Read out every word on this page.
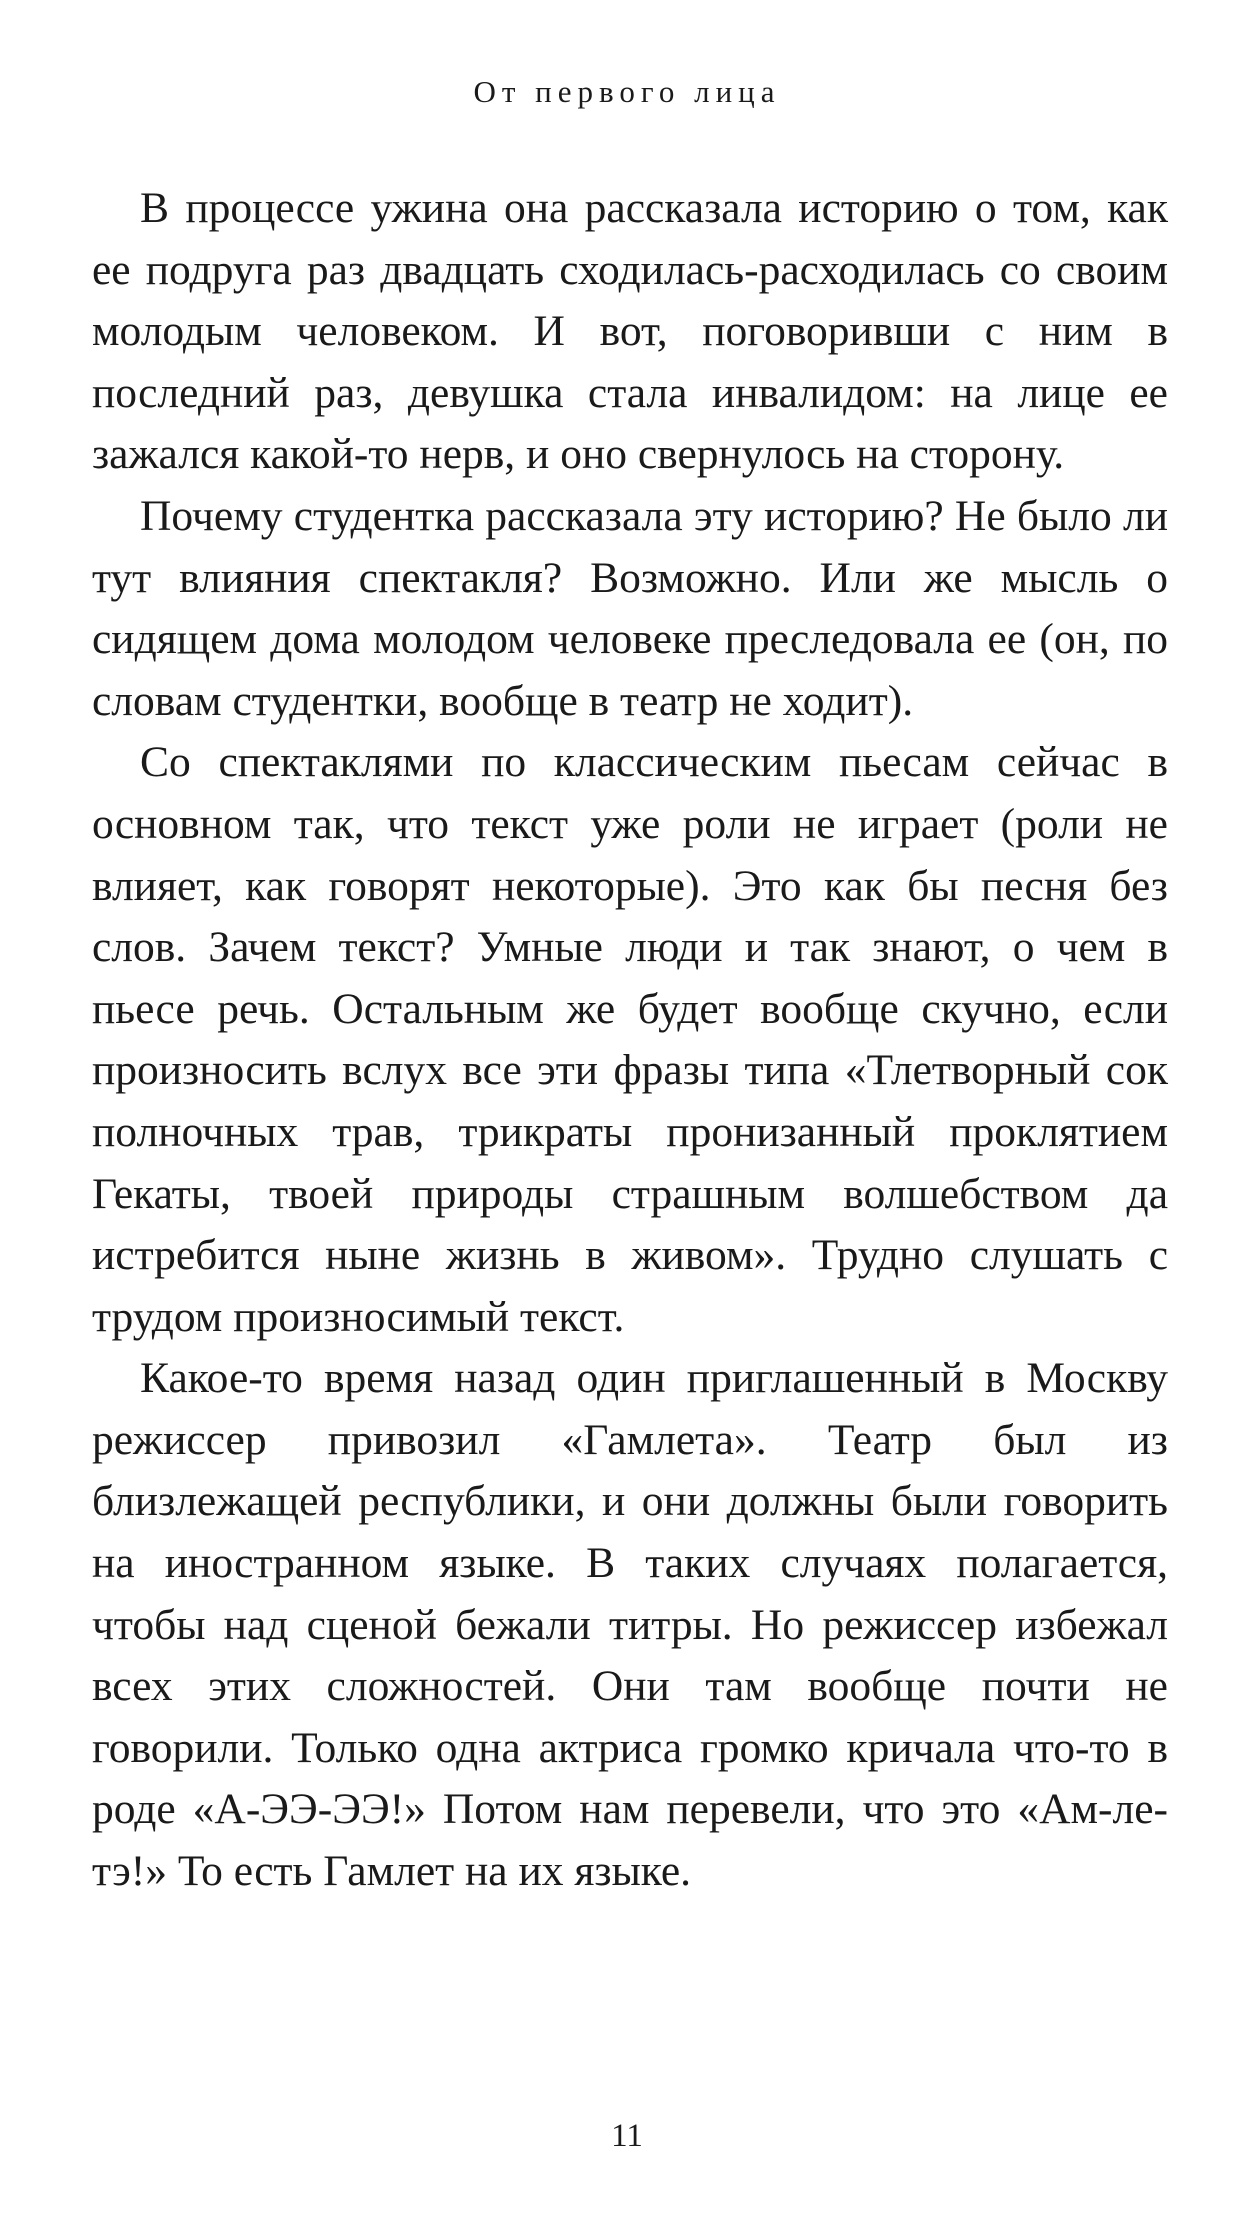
От первого лица

В процессе ужина она рассказала историю о том, как ее подруга раз двадцать сходилась-расходилась со своим молодым человеком. И вот, поговоривши с ним в последний раз, девушка стала инвалидом: на лице ее зажался какой-то нерв, и оно свернулось на сторону.

Почему студентка рассказала эту историю? Не было ли тут влияния спектакля? Возможно. Или же мысль о сидящем дома молодом человеке преследовала ее (он, по словам студентки, вообще в театр не ходит).

Со спектаклями по классическим пьесам сейчас в основном так, что текст уже роли не играет (роли не влияет, как говорят некоторые). Это как бы песня без слов. Зачем текст? Умные люди и так знают, о чем в пьесе речь. Остальным же будет вообще скучно, если произносить вслух все эти фразы типа «Тлетворный сок полночных трав, трикраты пронизанный проклятием Гекаты, твоей природы страшным волшебством да истребится ныне жизнь в живом». Трудно слушать с трудом произносимый текст.

Какое-то время назад один приглашенный в Москву режиссер привозил «Гамлета». Театр был из близлежащей республики, и они должны были говорить на иностранном языке. В таких случаях полагается, чтобы над сценой бежали титры. Но режиссер избежал всех этих сложностей. Они там вообще почти не говорили. Только одна актриса громко кричала что-то в роде «А-ЭЭ-ЭЭ!» Потом нам перевели, что это «Ам-ле-тэ!» То есть Гамлет на их языке.

11
